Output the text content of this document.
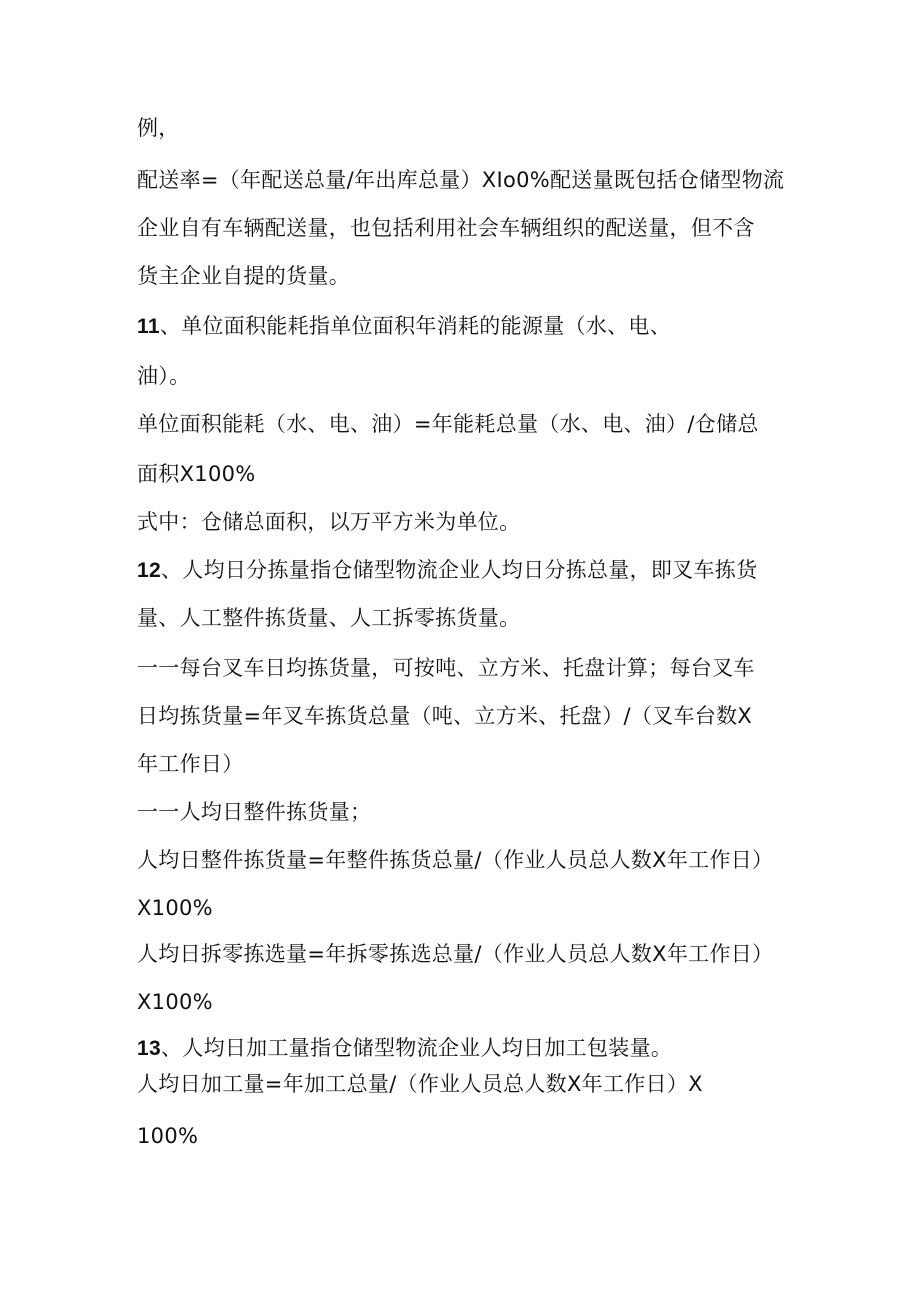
例，
配送率=（年配送总量/年出库总量）XIo0%配送量既包括仓储型物流
企业自有车辆配送量，也包括利用社会车辆组织的配送量，但不含
货主企业自提的货量。
11、单位面积能耗指单位面积年消耗的能源量（水、电、
油）。
单位面积能耗（水、电、油）=年能耗总量（水、电、油）/仓储总
面积X100%
式中：仓储总面积，以万平方米为单位。
12、人均日分拣量指仓储型物流企业人均日分拣总量，即叉车拣货
量、人工整件拣货量、人工拆零拣货量。
一一每台叉车日均拣货量，可按吨、立方米、托盘计算；每台叉车
日均拣货量=年叉车拣货总量（吨、立方米、托盘）/（叉车台数X
年工作日）
一一人均日整件拣货量；
人均日整件拣货量=年整件拣货总量/（作业人员总人数X年工作日）
X100%
人均日拆零拣选量=年拆零拣选总量/（作业人员总人数X年工作日）
X100%
13、人均日加工量指仓储型物流企业人均日加工包装量。
人均日加工量=年加工总量/（作业人员总人数X年工作日）X
100%
